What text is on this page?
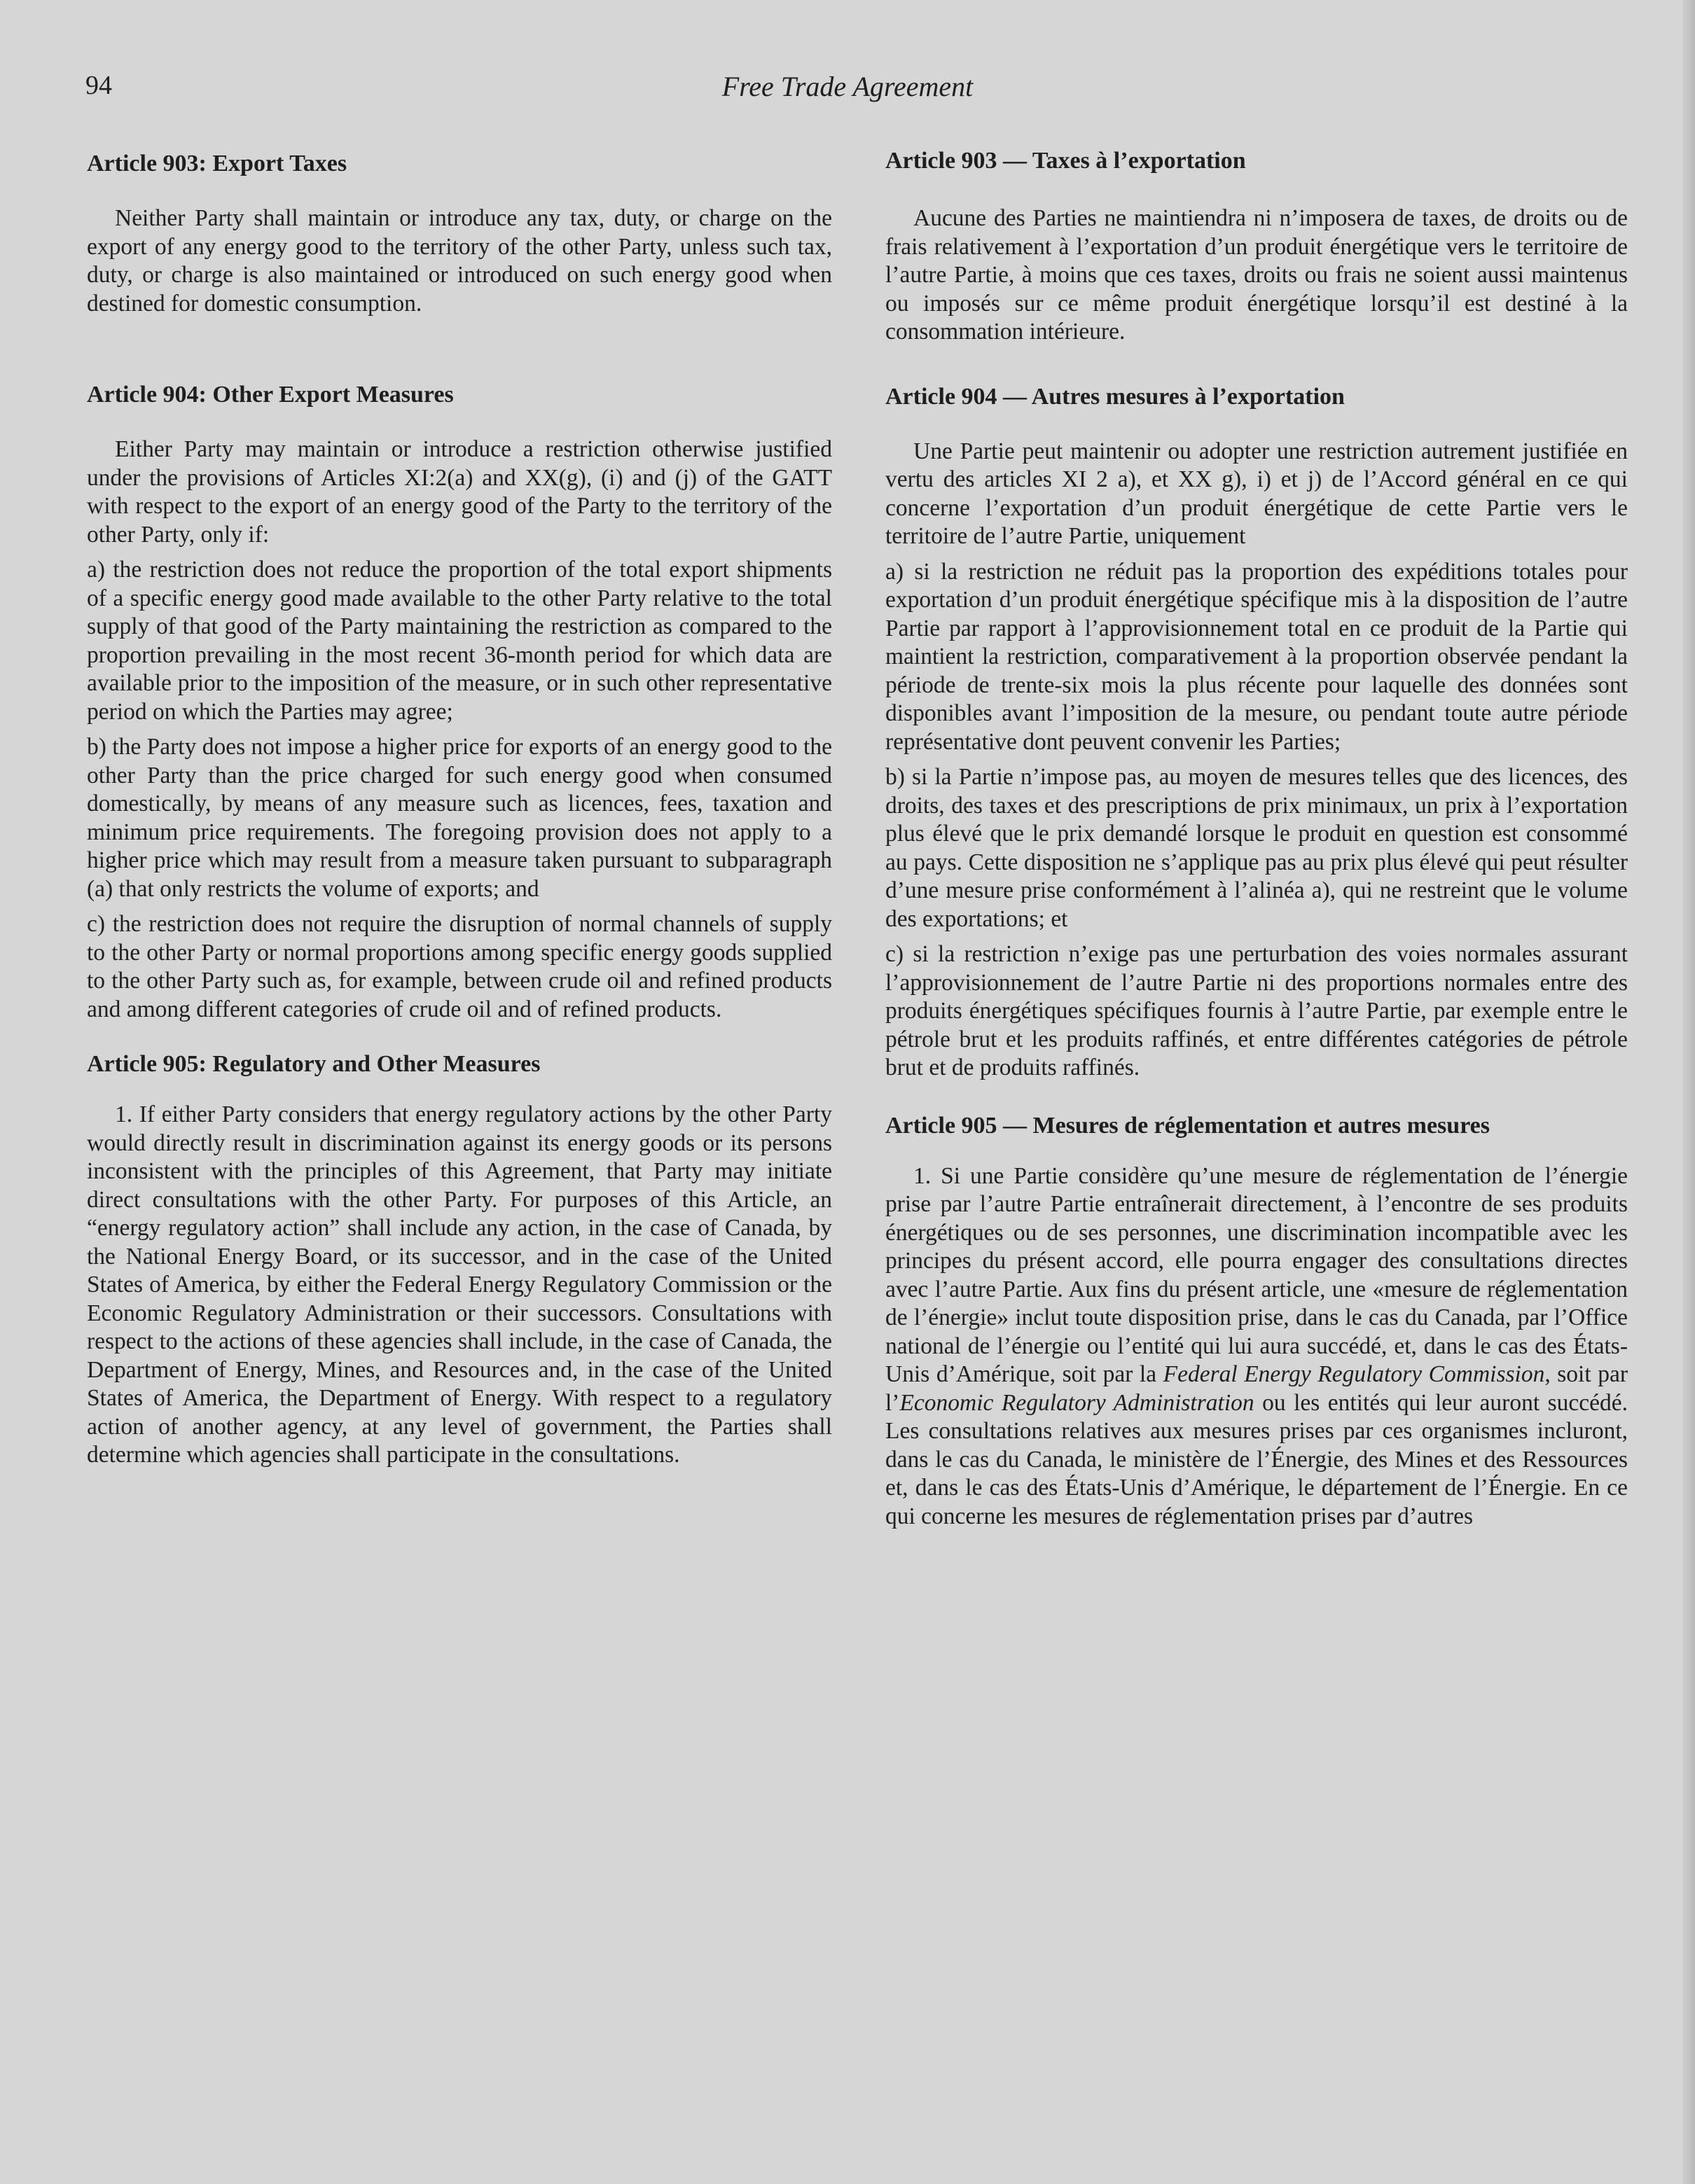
94	Free Trade Agreement
Article 903: Export Taxes

Neither Party shall maintain or introduce any tax, duty, or charge on the export of any energy good to the territory of the other Party, unless such tax, duty, or charge is also maintained or introduced on such energy good when destined for domestic consumption.

Article 904: Other Export Measures

Either Party may maintain or introduce a restriction otherwise justified under the provisions of Articles XI:2(a) and XX(g), (i) and (j) of the GATT with respect to the export of an energy good of the Party to the territory of the other Party, only if:

a) the restriction does not reduce the proportion of the total export shipments of a specific energy good made available to the other Party relative to the total supply of that good of the Party maintaining the restriction as compared to the proportion prevailing in the most recent 36-month period for which data are available prior to the imposition of the measure, or in such other representative period on which the Parties may agree;

b) the Party does not impose a higher price for exports of an energy good to the other Party than the price charged for such energy good when consumed domestically, by means of any measure such as licences, fees, taxation and minimum price requirements. The foregoing provision does not apply to a higher price which may result from a measure taken pursuant to subparagraph (a) that only restricts the volume of exports; and

c) the restriction does not require the disruption of normal channels of supply to the other Party or normal proportions among specific energy goods supplied to the other Party such as, for example, between crude oil and refined products and among different categories of crude oil and of refined products.

Article 905: Regulatory and Other Measures

1. If either Party considers that energy regulatory actions by the other Party would directly result in discrimination against its energy goods or its persons inconsistent with the principles of this Agreement, that Party may initiate direct consultations with the other Party. For purposes of this Article, an “energy regulatory action” shall include any action, in the case of Canada, by the National Energy Board, or its successor, and in the case of the United States of America, by either the Federal Energy Regulatory Commission or the Economic Regulatory Administration or their successors. Consultations with respect to the actions of these agencies shall include, in the case of Canada, the Department of Energy, Mines, and Resources and, in the case of the United States of America, the Department of Energy. With respect to a regulatory action of another agency, at any level of government, the Parties shall determine which agencies shall participate in the consultations.

Article 903 — Taxes à l’exportation

Aucune des Parties ne maintiendra ni n’imposera de taxes, de droits ou de frais relativement à l’exportation d’un produit énergétique vers le territoire de l’autre Partie, à moins que ces taxes, droits ou frais ne soient aussi maintenus ou imposés sur ce même produit énergétique lorsqu’il est destiné à la consommation intérieure.

Article 904 — Autres mesures à l’exportation

Une Partie peut maintenir ou adopter une restriction autrement justifiée en vertu des articles XI 2 a), et XX g), i) et j) de l’Accord général en ce qui concerne l’exportation d’un produit énergétique de cette Partie vers le territoire de l’autre Partie, uniquement

a) si la restriction ne réduit pas la proportion des expéditions totales pour exportation d’un produit énergétique spécifique mis à la disposition de l’autre Partie par rapport à l’approvisionnement total en ce produit de la Partie qui maintient la restriction, comparativement à la proportion observée pendant la période de trente-six mois la plus récente pour laquelle des données sont disponibles avant l’imposition de la mesure, ou pendant toute autre période représentative dont peuvent convenir les Parties;

b) si la Partie n’impose pas, au moyen de mesures telles que des licences, des droits, des taxes et des prescriptions de prix minimaux, un prix à l’exportation plus élevé que le prix demandé lorsque le produit en question est consommé au pays. Cette disposition ne s’applique pas au prix plus élevé qui peut résulter d’une mesure prise conformément à l’alinéa a), qui ne restreint que le volume des exportations; et

c) si la restriction n’exige pas une perturbation des voies normales assurant l’approvisionnement de l’autre Partie ni des proportions normales entre des produits énergétiques spécifiques fournis à l’autre Partie, par exemple entre le pétrole brut et les produits raffinés, et entre différentes catégories de pétrole brut et de produits raffinés.

Article 905 — Mesures de réglementation et autres mesures

1. Si une Partie considère qu’une mesure de réglementation de l’énergie prise par l’autre Partie entraînerait directement, à l’encontre de ses produits énergétiques ou de ses personnes, une discrimination incompatible avec les principes du présent accord, elle pourra engager des consultations directes avec l’autre Partie. Aux fins du présent article, une «mesure de réglementation de l’énergie» inclut toute disposition prise, dans le cas du Canada, par l’Office national de l’énergie ou l’entité qui lui aura succédé, et, dans le cas des États-Unis d’Amérique, soit par la Federal Energy Regulatory Commission, soit par l’Economic Regulatory Administration ou les entités qui leur auront succédé. Les consultations relatives aux mesures prises par ces organismes incluront, dans le cas du Canada, le ministère de l’Énergie, des Mines et des Ressources et, dans le cas des États-Unis d’Amérique, le département de l’Énergie. En ce qui concerne les mesures de réglementation prises par d’autres
